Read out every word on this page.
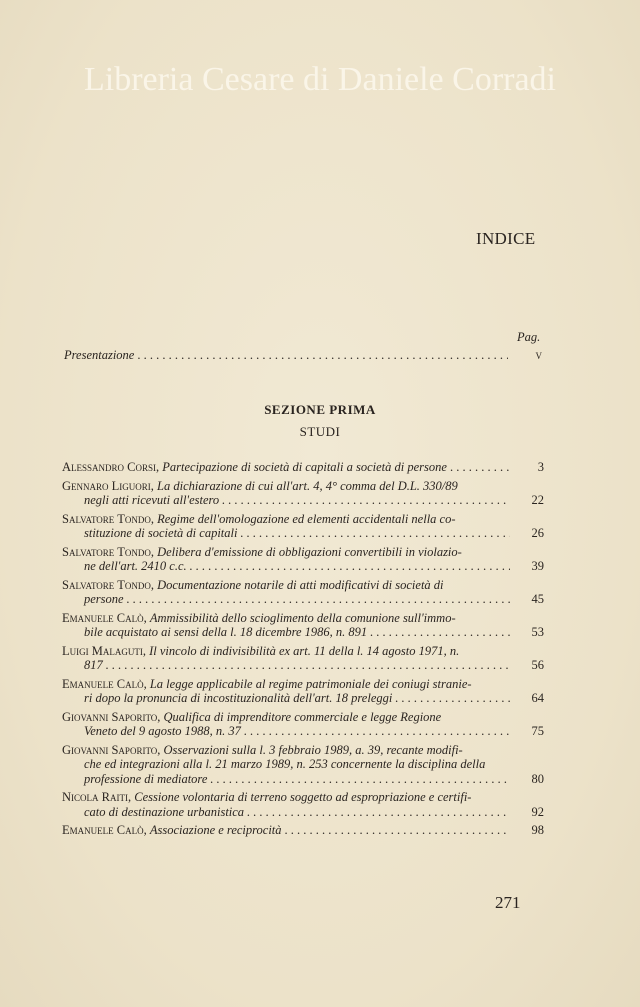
Libreria Cesare di Daniele Corradi
INDICE
Pag.
Presentazione . . .	v
SEZIONE PRIMA
STUDI
Alessandro Corsi , Partecipazione di società di capitali a società di persone . . .	3
Gennaro Liguori , La dichiarazione di cui all'art. 4, 4° comma del D.L. 330/89
negli atti ricevuti all'estero . . .	22
Salvatore Tondo , Regime dell'omologazione ed elementi accidentali nella co-
stituzione di società di capitali . . .	26
Salvatore Tondo , Delibera d'emissione di obbligazioni convertibili in violazio-
ne dell'art. 2410 c.c. . . .	39
Salvatore Tondo , Documentazione notarile di atti modificativi di società di
persone . . .	45
Emanuele Calò , Ammissibilità dello scioglimento della comunione sull'immo-
bile acquistato ai sensi della l. 18 dicembre 1986, n. 891 . . .	53
Luigi Malaguti , Il vincolo di indivisibilità ex art. 11 della l. 14 agosto 1971, n.
817 . . .	56
Emanuele Calò , La legge applicabile al regime patrimoniale dei coniugi stranie-
ri dopo la pronuncia di incostituzionalità dell'art. 18 preleggi . . .	64
Giovanni Saporito , Qualifica di imprenditore commerciale e legge Regione
Veneto del 9 agosto 1988, n. 37 . . .	75
Giovanni Saporito , Osservazioni sulla l. 3 febbraio 1989, a. 39, recante modifi-
che ed integrazioni alla l. 21 marzo 1989, n. 253 concernente la disciplina della
professione di mediatore . . .	80
Nicola Raiti , Cessione volontaria di terreno soggetto ad espropriazione e certifi-
cato di destinazione urbanistica . . .	92
Emanuele Calò , Associazione e reciprocità . . .	98
271
